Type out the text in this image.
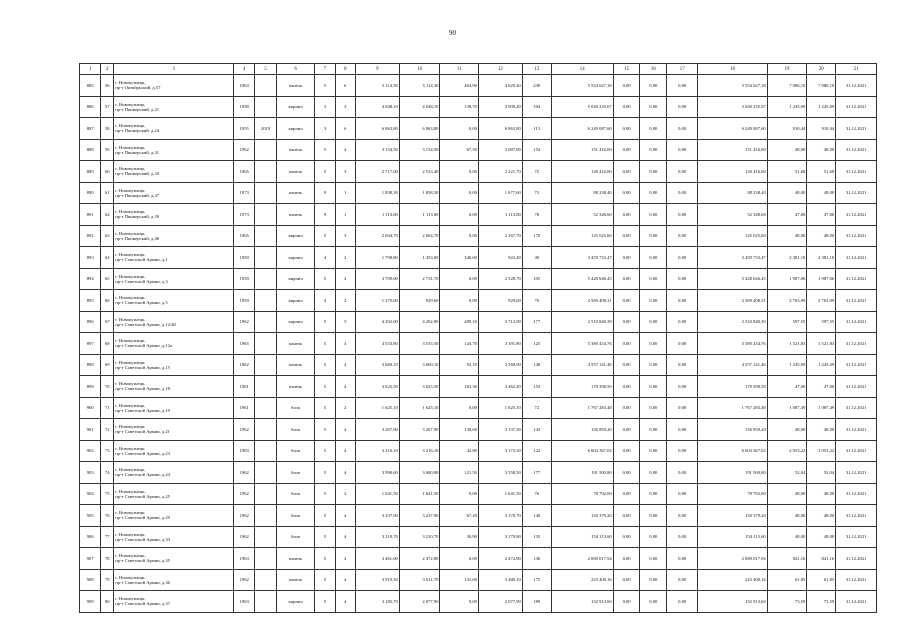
90
1	2	3	4	5	6	7	8	9	10	11	12	13	14	15	16	17	18	19	20	21
885	56	г. Новокузнецк,
пр-т Октябрьский, д.57	1963		панель	5	6	5 114,30	5 114,30	464,90	4 629,40	230	5 554 627,18	0,00	0,00	0,00	5 554 627,18	7 086,10	7 086,10	31.12.2021
886	57	г. Новокузнецк,
пр-т Пионерский, д.21	1958		кирпич	3	3	4 048,10	4 048,10	138,70	3 909,40	104	5 040 235,07	0,00	0,00	0,00	5 040 235,07	1 245,09	1 245,09	31.12.2021
887	58	г. Новокузнецк,
пр-т Пионерский, д.24	1955	2019	кирпич	3	6	6 863,80	6 863,80	0,00	6 863,80	113	6 249 087,60	0,00	0,00	0,00	6 249 087,60	910,44	910,44	31.12.2021
888	59	г. Новокузнецк,
пр-т Пионерский, д.31	1962		панель	5	4	3 154,50	3 154,50	67,50	3 087,00	154	151 416,00	0,00	0,00	0,00	151 416,00	48,00	48,00	31.12.2021
889	60	г. Новокузнецк,
пр-т Пионерский, д.33	1965		панель	5	3	2 717,00	2 523,40	0,00	2 221,70	75	130 416,00	0,00	0,00	0,00	130 416,00	51,68	51,68	31.12.2021
890	61	г. Новокузнецк,
пр-т Пионерский, д.37	1973		панель	9	1	1 838,30	1 838,30	0,00	1 677,60	73	88 238,40	0,00	0,00	0,00	88 238,40	48,00	48,00	31.12.2021
891	62	г. Новокузнецк,
пр-т Пионерский, д.39	1973		панель	9	1	1 113,80	1 113,80	0,00	1 113,80	78	52 348,60	0,00	0,00	0,00	52 348,60	47,00	47,00	31.12.2021
892	63	г. Новокузнецк,
пр-т Пионерский, д.48	1965		кирпич	5	3	2 604,70	2 604,70	0,00	2 167,70	170	125 025,60	0,00	0,00	0,00	125 025,60	48,00	48,00	31.12.2021
893	64	г. Новокузнецк,
пр-т Советской Армии, д.1	1959		кирпич	4	2	1 798,80	1 453,00	346,60	922,40	49	3 459 733,47	0,00	0,00	0,00	3 459 733,47	2 381,10	2 381,10	31.12.2021
894	65	г. Новокузнецк,
пр-т Советской Армии, д.3	1959		кирпич	5	4	3 709,00	2 731,70	0,00	2 528,70	105	5 428 646,45	0,00	0,00	0,00	5 428 646,45	1 987,06	1 987,06	31.12.2021
895	66	г. Новокузнецк,
пр-т Советской Армии, д.5	1959		кирпич	4	2	1 275,00	929,60	0,00	929,60	70	2 569 408,31	0,00	0,00	0,00	2 569 408,31	2 763,99	2 763,99	31.12.2021
896	67	г. Новокузнецк,
пр-т Советской Армии, д.12/40	1962		кирпич	5	5	4 202,00	4 202,00	489,10	3 712,90	177	2 510 840,39	0,00	0,00	0,00	2 510 840,39	597,55	597,55	31.12.2021
897	68	г. Новокузнецк,
пр-т Советской Армии, д.12а	1965		панель	5	4	4 533,80	3 535,50	143,70	3 391,80	125	5 380 434,76	0,00	0,00	0,00	5 380 434,76	1 521,83	1 521,83	31.12.2021
898	69	г. Новокузнецк,
пр-т Советской Армии, д.15	1962		панель	5	4	3 660,10	3 660,10	92,10	3 568,00	148	4 557 141,46	0,00	0,00	0,00	4 557 141,46	1 245,09	1 245,09	31.12.2021
899	70	г. Новокузнецк,
пр-т Советской Армии, д.18	1961		панель	5	4	3 625,50	3 625,50	163,30	3 462,20	153	170 398,50	0,00	0,00	0,00	170 398,50	47,00	47,00	31.12.2021
900	71	г. Новокузнецк,
пр-т Советской Армии, д.19	1961		блок	5	2	1 625,10	1 625,10	0,00	1 625,10	72	1 767 283,48	0,00	0,00	0,00	1 767 283,48	1 087,49	1 087,49	31.12.2021
901	72	г. Новокузнецк,
пр-т Советской Армии, д.21	1962		блок	5	4	3 267,90	3 267,90	130,60	3 137,30	143	156 859,20	0,00	0,00	0,00	156 859,20	48,00	48,00	31.12.2021
902	73	г. Новокузнецк,
пр-т Советской Армии, д.23	1963		блок	5	4	3 216,10	3 216,10	42,80	3 173,30	122	6 603 367,02	0,00	0,00	0,00	6 603 367,02	2 053,22	2 053,22	31.12.2021
903	74	г. Новокузнецк,
пр-т Советской Армии, д.24	1962		блок	5	4	3 990,60	3 680,00	121,50	3 558,50	177	191 500,80	0,00	0,00	0,00	191 500,80	52,04	52,04	31.12.2021
904	75	г. Новокузнецк,
пр-т Советской Армии, д.25	1962		блок	5	2	1 641,50	1 641,50	0,00	1 641,50	76	78 792,00	0,00	0,00	0,00	78 792,00	48,00	48,00	31.12.2021
905	76	г. Новокузнецк,
пр-т Советской Армии, д.29	1962		блок	5	4	3 237,90	3 237,90	67,20	3 170,70	140	150 379,20	0,00	0,00	0,00	150 379,20	48,00	48,00	31.12.2021
906	77	г. Новокузнецк,
пр-т Советской Армии, д.33	1962		блок	5	4	3 210,70	3 210,70	30,90	3 179,80	135	154 113,60	0,00	0,00	0,00	154 113,60	48,00	48,00	31.12.2021
907	78	г. Новокузнецк,
пр-т Советской Армии, д.35	1963		панель	5	4	3 461,00	2 472,80	0,00	2 472,80	136	2 080 017,94	0,00	0,00	0,00	2 080 017,94	841,16	841,16	31.12.2021
908	79	г. Новокузнецк,
пр-т Советской Армии, д.36	1962		панель	5	4	3 919,30	3 611,70	131,60	3 480,10	175	223 400,16	0,00	0,00	0,00	223 400,16	61,85	61,85	31.12.2021
909	80	г. Новокузнецк,
пр-т Советской Армии, д.37	1963		кирпич	5	4	3 185,70	2 077,90	0,00	2 077,90	189	152 913,60	0,00	0,00	0,00	152 913,60	73,59	73,59	31.12.2021
